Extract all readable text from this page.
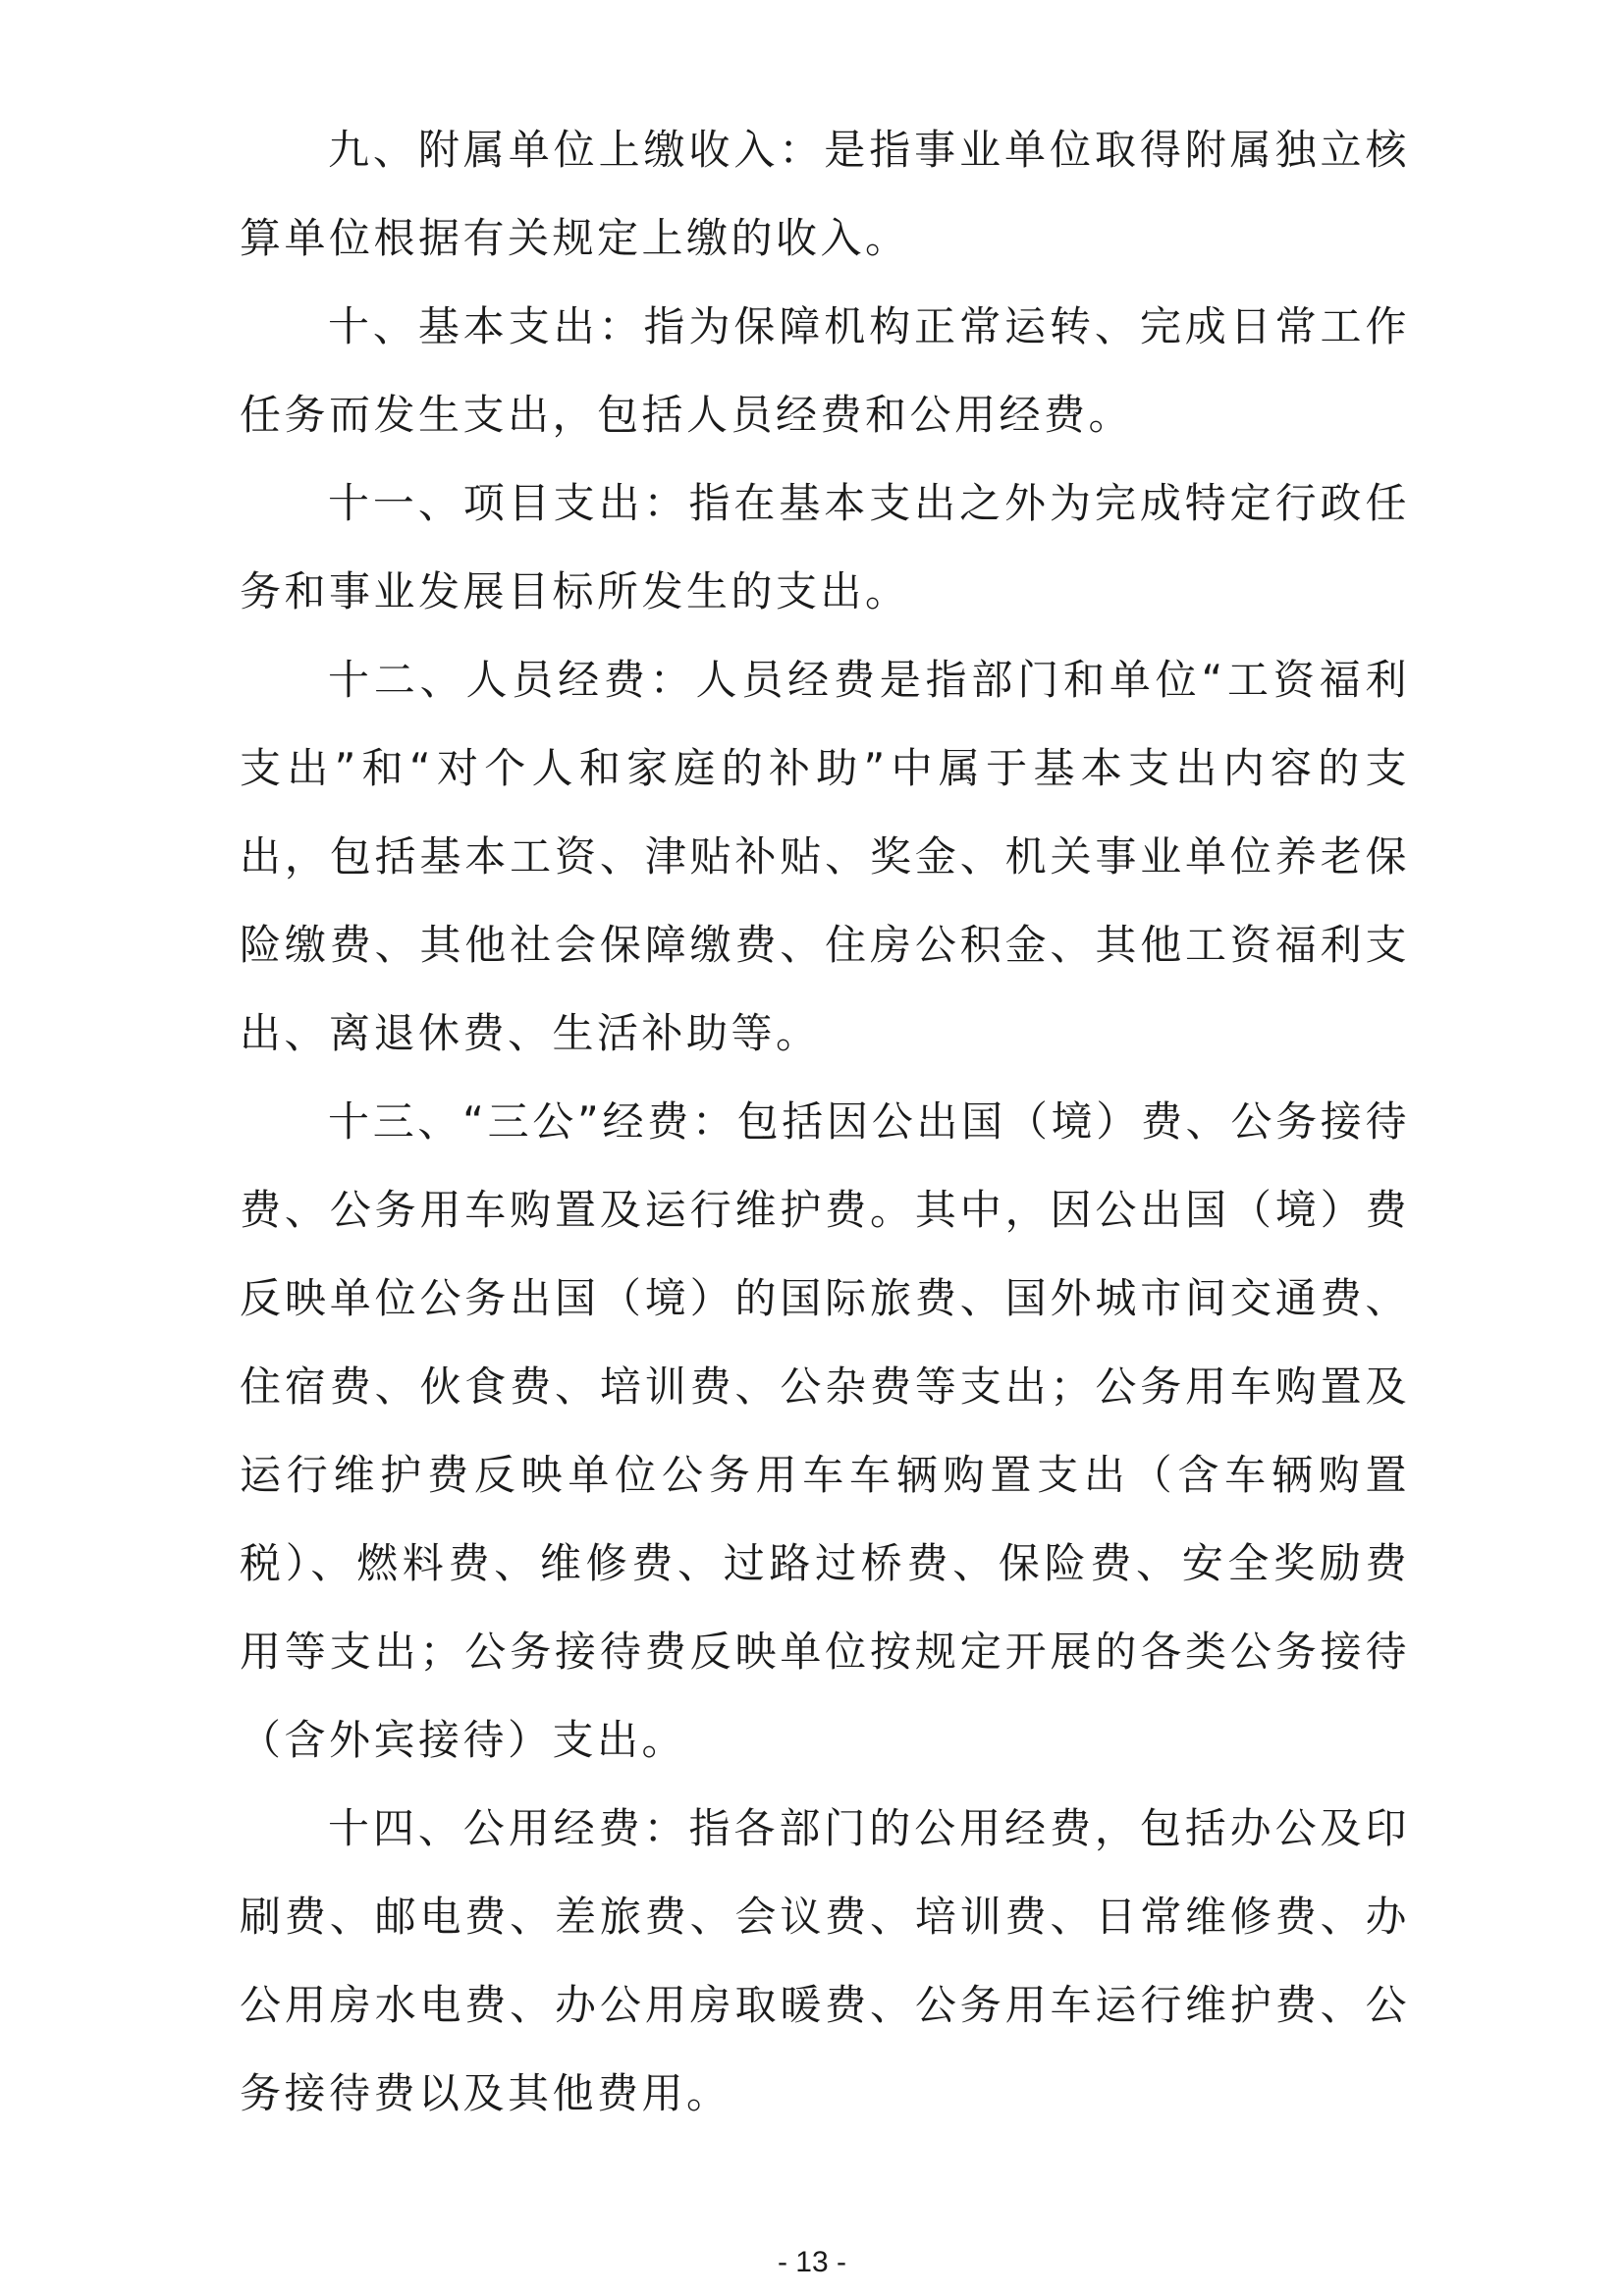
九、附属单位上缴收入：是指事业单位取得附属独立核算单位根据有关规定上缴的收入。

十、基本支出：指为保障机构正常运转、完成日常工作任务而发生支出，包括人员经费和公用经费。

十一、项目支出：指在基本支出之外为完成特定行政任务和事业发展目标所发生的支出。

十二、人员经费：人员经费是指部门和单位“工资福利支出”和“对个人和家庭的补助”中属于基本支出内容的支出，包括基本工资、津贴补贴、奖金、机关事业单位养老保险缴费、其他社会保障缴费、住房公积金、其他工资福利支出、离退休费、生活补助等。

十三、“三公”经费：包括因公出国（境）费、公务接待费、公务用车购置及运行维护费。其中，因公出国（境）费反映单位公务出国（境）的国际旅费、国外城市间交通费、住宿费、伙食费、培训费、公杂费等支出；公务用车购置及运行维护费反映单位公务用车车辆购置支出（含车辆购置税）、燃料费、维修费、过路过桥费、保险费、安全奖励费用等支出；公务接待费反映单位按规定开展的各类公务接待（含外宾接待）支出。

十四、公用经费：指各部门的公用经费，包括办公及印刷费、邮电费、差旅费、会议费、培训费、日常维修费、办公用房水电费、办公用房取暖费、公务用车运行维护费、公务接待费以及其他费用。

- 13 -
